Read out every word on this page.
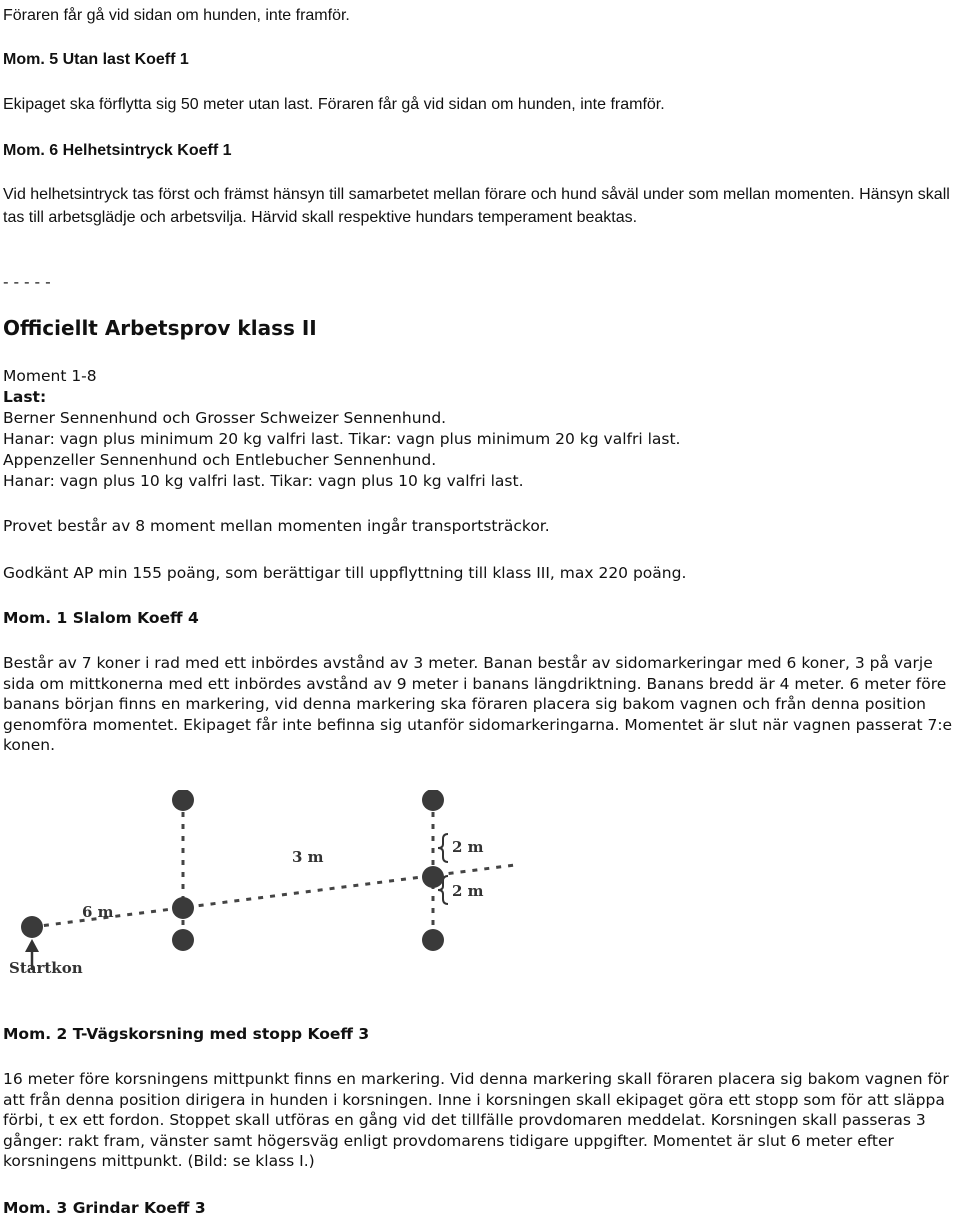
Föraren får gå vid sidan om hunden, inte framför.

Mom. 5 Utan last Koeff 1

Ekipaget ska förflytta sig 50 meter utan last. Föraren får gå vid sidan om hunden, inte framför.

Mom. 6 Helhetsintryck Koeff 1

Vid helhetsintryck tas först och främst hänsyn till samarbetet mellan förare och hund såväl under som mellan momenten. Hänsyn skall tas till arbetsglädje och arbetsvilja. Härvid skall respektive hundars temperament beaktas.

- - - - -

Officiellt Arbetsprov klass II

Moment 1-8

Last:

Berner Sennenhund och Grosser Schweizer Sennenhund.

Hanar: vagn plus minimum 20 kg valfri last. Tikar: vagn plus minimum 20 kg valfri last.

Appenzeller Sennenhund och Entlebucher Sennenhund.

Hanar: vagn plus 10 kg valfri last. Tikar: vagn plus 10 kg valfri last.

Provet består av 8 moment mellan momenten ingår transportsträckor.

Godkänt AP min 155 poäng, som berättigar till uppflyttning till klass III, max 220 poäng.

Mom. 1 Slalom Koeff 4

Består av 7 koner i rad med ett inbördes avstånd av 3 meter. Banan består av sidomarkeringar med 6 koner, 3 på varje sida om mittkonerna med ett inbördes avstånd av 9 meter i banans längdriktning. Banans bredd är 4 meter. 6 meter före banans början finns en markering, vid denna markering ska föraren placera sig bakom vagnen och från denna position genomföra momentet. Ekipaget får inte befinna sig utanför sidomarkeringarna. Momentet är slut när vagnen passerat 7:e konen.

3 m
6 m
2 m
2 m
Startkon

Mom. 2 T-Vägskorsning med stopp Koeff 3

16 meter före korsningens mittpunkt finns en markering. Vid denna markering skall föraren placera sig bakom vagnen för att från denna position dirigera in hunden i korsningen. Inne i korsningen skall ekipaget göra ett stopp som för att släppa förbi, t ex ett fordon. Stoppet skall utföras en gång vid det tillfälle provdomaren meddelat. Korsningen skall passeras 3 gånger: rakt fram, vänster samt högersväg enligt provdomarens tidigare uppgifter. Momentet är slut 6 meter efter korsningens mittpunkt. (Bild: se klass I.)

Mom. 3 Grindar Koeff 3
